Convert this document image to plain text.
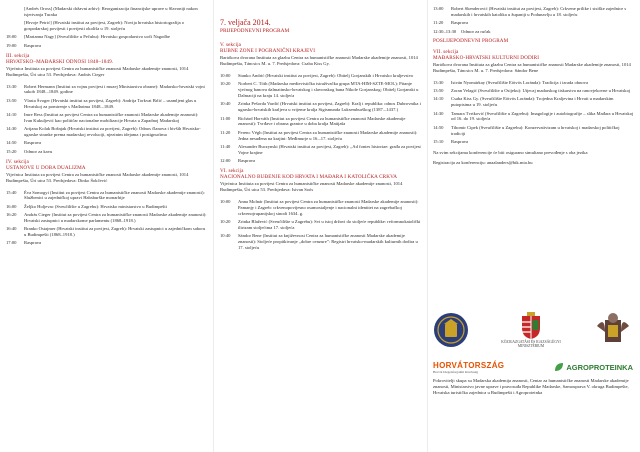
[Andrés Oross] (Madarski državni arhiv): Reorganizacija financijske uprave u Slavoniji nakon isjerivanja Turaka
[Hrvoje Petrić] (Hrvatski institut za povijest, Zagreb): Novija hrvatska historiografija o gospodarskoj povijesti i povijesti okoliša u 19. stoljeću
18:00	[Marianna Nagy] (Sveučilište u Pečuhu): Hrvatsko gospodarstvo uoči Nagodbe
19:00	Rasprava
III. sekcija
HRVATSKO–MAĐARSKI ODNOSI 1848–1849.
Vijećnica Instituta za povijest Centra za humanističke znanosti Madarske akademije znanosti, 1014 Budimpešta, Úri utca 53. Predsjedava: András Cieger
13:30	Robert Hermann (Institut za vojnu povijest i muzej Ministarstva obrane): Madarsko-hrvatski vojni sukob 1848.–1849. godine
13:50	Vlasta Švoger (Hrvatski institut za povijest, Zagreb): Andrija Torkvat Brlić – usamljeni glas u Hrvatskoj za pomirenje s Mađarima 1848.–1849.
14:10	Imre Ress (Institut za povijest Centra za humanističke znanosti Madarske akademije znanosti): Ivan Kukuljević kao političar nacionalne mobilizacije Hrvata u Zapadnoj Madarskoj
14:30	Arijana Kolak Bošnjak (Hrvatski institut za povijest, Zagreb): Odnos članova i bivših Hrvatsko-ugarske stranke prema madarskoj revoluciji, njezinim idejama i postignućima
14:50	Rasprava
15:20	Odmor za kavu
IV. sekcija
USTANOVE U DOBA DUALIZMA
Vijećnica Instituta za povijest Centra za humanističke znanosti Madarske akademije znanosti, 1014 Budimpešta, Úri utca 53. Predsjedava: Dinko Šokčević
15:40	Éva Somogyi (Institut za povijest Centra za humanističke znanosti Madarske akademije znanosti): Službenici u zajedničkoj upravi Habsburške monarhije
16:00	Željko Holjevac (Sveučilište u Zagrebu): Hrvatsko ministarstvo u Budimpešti
16:20	András Cieger (Institut za povijest Centra za humanističke znanosti Madarske akademije znanosti): Hrvatski zastupnici u madarskome parlamentu (1868–1918.)
16:40	Branko Ostajmer (Hrvatski institut za povijest, Zagreb): Hrvatski zastupnici u zajedničkom saboru u Budimpešti (1868–1918.)
17:00	Rasprava
7. veljača 2014.
PRIJEPODNEVNI PROGRAM
V. sekcija
RUBNE ZONE I POGRANIČNI KRAJEVI
Bartókova dvorana Instituta za glazbu Centra za humanističke znanosti Madarske akademije znanosti, 1014 Budimpešta, Táncsics M. u. 7. Predsjedava: Csaba Kiss Gy.
10:00	Stanko Andrić (Hrvatski institut za povijest, Zagreb): Obitelj Gorjanskih i Hrvatsko kraljevstvo
10:20	Norbert C. Tóth (Madarska medievistička istraživačka grupa MTA-HIM-SZTE-MOL): Pitanje vjećnog banova dalmatinsko-hrvatskog i slavonskog bana Nikole Gorjanskog; Obitelj Gorjanski u Dalmaciji na kraju 14. stoljeća
10:40	Zrinka Pešorda Vardić (Hrvatski institut za povijest, Zagreb): Kralj i republika: odnos Dubrovnika i ugarsko-hrvatskih kraljeva u vrijeme kralja Sigismunda Luksemburškog (1387.–1437.)
11:00	Richárd Horváth (Institut za povijest Centra za humanističke znanosti Madarske akademije znanosti): Tvrđave i obrana granice u doba kralja Matijaša
11:20	Ferenc Végh (Institut za povijest Centra za humanističke znanosti Madarske akademije znanosti): Jedna nesuđena na krajini: Međimurje u 16.–17. stoljeću
11:40	Alexander Buczynski (Hrvatski institut za povijest, Zagreb): „Ad fontes historiae: građa za povijest Vojne krajine
12:00	Rasprava
VI. sekcija
NACIONALNO BUĐENJE KOD HRVATA I MAĐARA I KATOLIČKA CRKVA
Vijećnica Instituta za povijest Centra za humanističke znanosti Madarske akademije znanosti, 1014 Budimpešta, Úri utca 53. Predsjedava: Istvan Soós
10:00	Anna Molnár (Institut za povijest Centra za humanističke znanosti Madarske akademije znanosti): Pamanjy i Zagreb: crkvenopovijesno osamostaljenje i nacionalni identitet na zagrebačkoj crkvenojrupanijskoj sinodi 1634. g.
10:20	Zrinka Blažević (Sveučilište u Zagrebu): Svi u istoj državi do stoljeće republike: reformnokatolički ilirizam stoljećima 17. stoljeća
10:40	Sándor Bene (Institut za književnost Centra za humanističke znanosti Madarske akademije znanosti): Stoljeće propitkivanje „dobre cenzure”: Registri hrvatsko-madarskih kulturnih dodira u 17. stoljeću
13:00	Robert Skenderović (Hrvatski institut za povijest, Zagreb): Crkvene prilike i stsiške zajednice s madarskih i hrvatskih katolika u županiji u Podunavlju u 18. stoljeću
11:20	Rasprava
12:30–13:30	Odmor za ručak
POSLIJEPODNEVNI PROGRAM
VII. sekcija
MAĐARSKO-HRVATSKI KULTURNI DODIRI
Bartókova dvorana Instituta za glazbu Centra za humanističke znanosti Madarske akademije znanosti, 1014 Budimpešta, Táncsics M. u. 7. Predsjedava: Sándor Bene
13:30	István Nyomárkay (Sveučilište Eötvös Loránda): Tradicija i izrada obnova
13:50	Zoran Velagić (Sveučilište u Osijeku): Utjecaj madarskog tiskarstva na ranovjekovne u Hrvatskoj
14:10	Csaba Kiss Gy. (Sveučilište Eötvös Loránda): Trojedna Kraljevina i Hrvati u madarskim putopisima u 19. stoljeću
14:30	Tamara Tvrtković (Sveučilište u Zagrebu): Imagologije i autobiografije – slika Mađara u Hrvatskoj od 16. do 19. stoljeća
14:50	Tihomir Cipek (Sveučilište u Zagrebu): Konzervativizam u hrvatskoj i madarskoj političkoj tradiciji
15:10	Rasprava
Na svim sekcijama konferencije će biti osigurano simultano prevođenje s oba jezika
Registracija za konferenciju: anaalanders@btk.mta.hu
KÖZIGAZGATÁSI ÉS IGAZSÁGÜGYI MINISZTÉRIUM
HORVÁTORSZÁG
Horvát Idegenforgalmi Közösség	AGROPROTEINKA
Pokrovitelji skupa su Madarska akademija znanosti, Centar za humanističke znanosti Madarske akademije znanosti, Ministarstvo javne uprave i pravosuđa Republike Madarske, Samouprava V. okruga Budimpešte, Hrvatska turistička zajednica u Budimpešti i Agroproteinka
